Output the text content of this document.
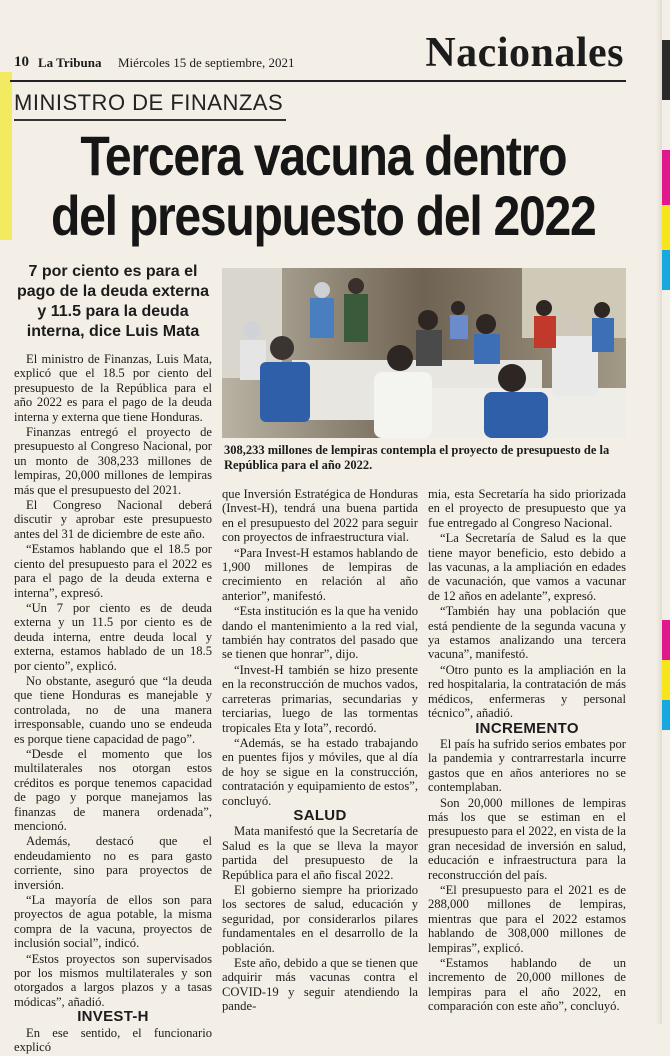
10 La Tribuna Miércoles 15 de septiembre, 2021	Nacionales
MINISTRO DE FINANZAS
Tercera vacuna dentro
del presupuesto del 2022
7 por ciento es para el pago de la deuda externa y 11.5 para la deuda interna, dice Luis Mata
308,233 millones de lempiras contempla el proyecto de presupuesto de la República para el año 2022.

El ministro de Finanzas, Luis Mata, explicó que el 18.5 por ciento del presupuesto de la República para el año 2022 es para el pago de la deuda interna y externa que tiene Honduras.

Finanzas entregó el proyecto de presupuesto al Congreso Nacional, por un monto de 308,233 millones de lempiras, 20,000 millones de lempiras más que el presupuesto del 2021.

El Congreso Nacional deberá discutir y aprobar este presupuesto antes del 31 de diciembre de este año.

“Estamos hablando que el 18.5 por ciento del presupuesto para el 2022 es para el pago de la deuda externa e interna”, expresó.

“Un 7 por ciento es de deuda externa y un 11.5 por ciento es de deuda interna, entre deuda local y externa, estamos hablado de un 18.5 por ciento”, explicó.

No obstante, aseguró que “la deuda que tiene Honduras es manejable y controlada, no de una manera irresponsable, cuando uno se endeuda es porque tiene capacidad de pago”.

“Desde el momento que los multilaterales nos otorgan estos créditos es porque tenemos capacidad de pago y porque manejamos las finanzas de manera ordenada”, mencionó.

Además, destacó que el endeudamiento no es para gasto corriente, sino para proyectos de inversión.

“La mayoría de ellos son para proyectos de agua potable, la misma compra de la vacuna, proyectos de inclusión social”, indicó.

“Estos proyectos son supervisados por los mismos multilaterales y son otorgados a largos plazos y a tasas módicas”, añadió.

INVEST-H

En ese sentido, el funcionario explicó

que Inversión Estratégica de Honduras (Invest-H), tendrá una buena partida en el presupuesto del 2022 para seguir con proyectos de infraestructura vial.

“Para Invest-H estamos hablando de 1,900 millones de lempiras de crecimiento en relación al año anterior”, manifestó.

“Esta institución es la que ha venido dando el mantenimiento a la red vial, también hay contratos del pasado que se tienen que honrar”, dijo.

“Invest-H también se hizo presente en la reconstrucción de muchos vados, carreteras primarias, secundarias y terciarias, luego de las tormentas tropicales Eta y Iota”, recordó.

“Además, se ha estado trabajando en puentes fijos y móviles, que al día de hoy se sigue en la construcción, contratación y equipamiento de estos”, concluyó.

SALUD

Mata manifestó que la Secretaría de Salud es la que se lleva la mayor partida del presupuesto de la República para el año fiscal 2022.

El gobierno siempre ha priorizado los sectores de salud, educación y seguridad, por considerarlos pilares fundamentales en el desarrollo de la población.

Este año, debido a que se tienen que adquirir más vacunas contra el COVID-19 y seguir atendiendo la pande-

mia, esta Secretaría ha sido priorizada en el proyecto de presupuesto que ya fue entregado al Congreso Nacional.

“La Secretaría de Salud es la que tiene mayor beneficio, esto debido a las vacunas, a la ampliación en edades de vacunación, que vamos a vacunar de 12 años en adelante”, expresó.

“También hay una población que está pendiente de la segunda vacuna y ya estamos analizando una tercera vacuna”, manifestó.

“Otro punto es la ampliación en la red hospitalaria, la contratación de más médicos, enfermeras y personal técnico”, añadió.

INCREMENTO

El país ha sufrido serios embates por la pandemia y contrarrestarla incurre gastos que en años anteriores no se contemplaban.

Son 20,000 millones de lempiras más los que se estiman en el presupuesto para el 2022, en vista de la gran necesidad de inversión en salud, educación e infraestructura para la reconstrucción del país.

“El presupuesto para el 2021 es de 288,000 millones de lempiras, mientras que para el 2022 estamos hablando de 308,000 millones de lempiras”, explicó.

“Estamos hablando de un incremento de 20,000 millones de lempiras para el año 2022, en comparación con este año”, concluyó.
